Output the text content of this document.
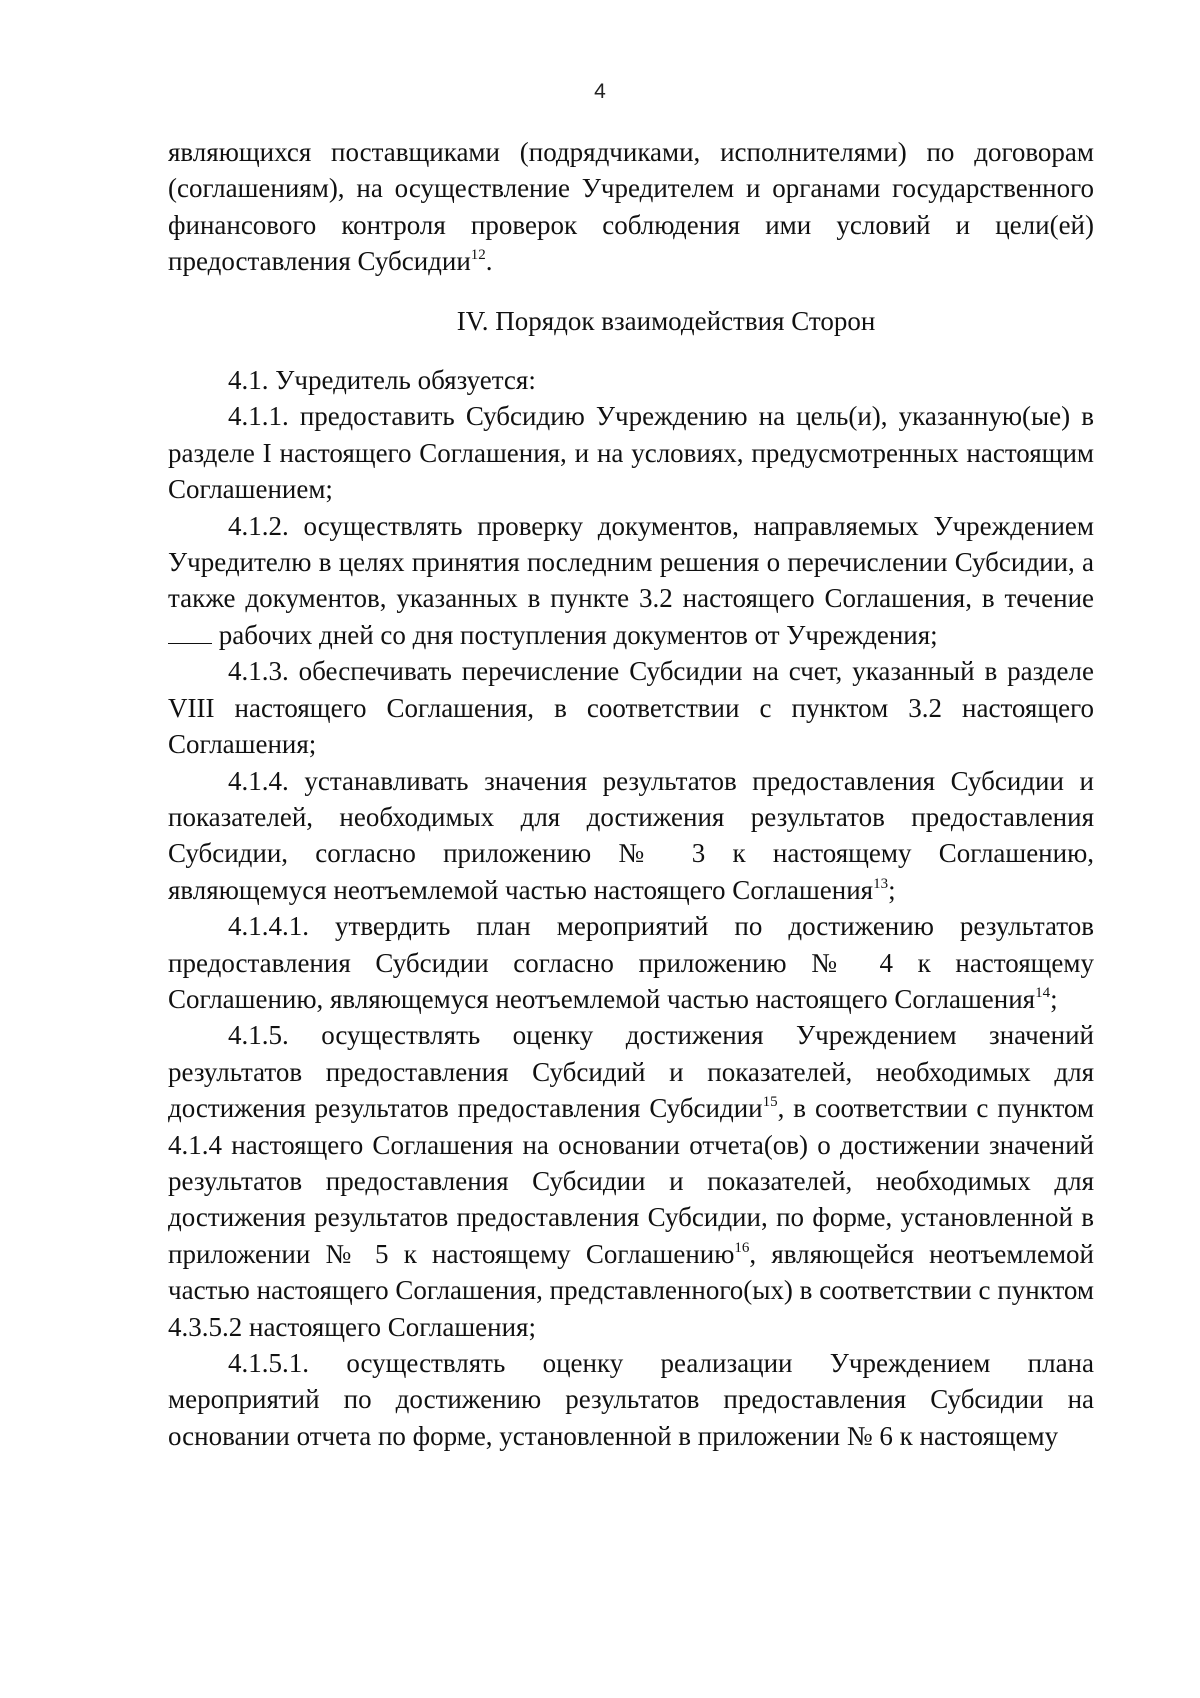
4

являющихся поставщиками (подрядчиками, исполнителями) по договорам (соглашениям), на осуществление Учредителем и органами государственного финансового контроля проверок соблюдения ими условий и цели(ей) предоставления Субсидии$^{12}$.

IV. Порядок взаимодействия Сторон

4.1. Учредитель обязуется:

4.1.1. предоставить Субсидию Учреждению на цель(и), указанную(ые) в разделе I настоящего Соглашения, и на условиях, предусмотренных настоящим Соглашением;

4.1.2. осуществлять проверку документов, направляемых Учреждением Учредителю в целях принятия последним решения о перечислении Субсидии, а также документов, указанных в пункте 3.2 настоящего Соглашения, в течение  рабочих дней со дня поступления документов от Учреждения;

4.1.3. обеспечивать перечисление Субсидии на счет, указанный в разделе VIII настоящего Соглашения, в соответствии с пунктом 3.2 настоящего Соглашения;

4.1.4. устанавливать значения результатов предоставления Субсидии и показателей, необходимых для достижения результатов предоставления Субсидии, согласно приложению № 3 к настоящему Соглашению, являющемуся неотъемлемой частью настоящего Соглашения$^{13}$;

4.1.4.1. утвердить план мероприятий по достижению результатов предоставления Субсидии согласно приложению № 4 к настоящему Соглашению, являющемуся неотъемлемой частью настоящего Соглашения$^{14}$;

4.1.5. осуществлять оценку достижения Учреждением значений результатов предоставления Субсидий и показателей, необходимых для достижения результатов предоставления Субсидии$^{15}$, в соответствии с пунктом 4.1.4 настоящего Соглашения на основании отчета(ов) о достижении значений результатов предоставления Субсидии и показателей, необходимых для достижения результатов предоставления Субсидии, по форме, установленной в приложении № 5 к настоящему Соглашению$^{16}$, являющейся неотъемлемой частью настоящего Соглашения, представленного(ых) в соответствии с пунктом 4.3.5.2 настоящего Соглашения;

4.1.5.1. осуществлять оценку реализации Учреждением плана мероприятий по достижению результатов предоставления Субсидии на основании отчета по форме, установленной в приложении № 6 к настоящему
